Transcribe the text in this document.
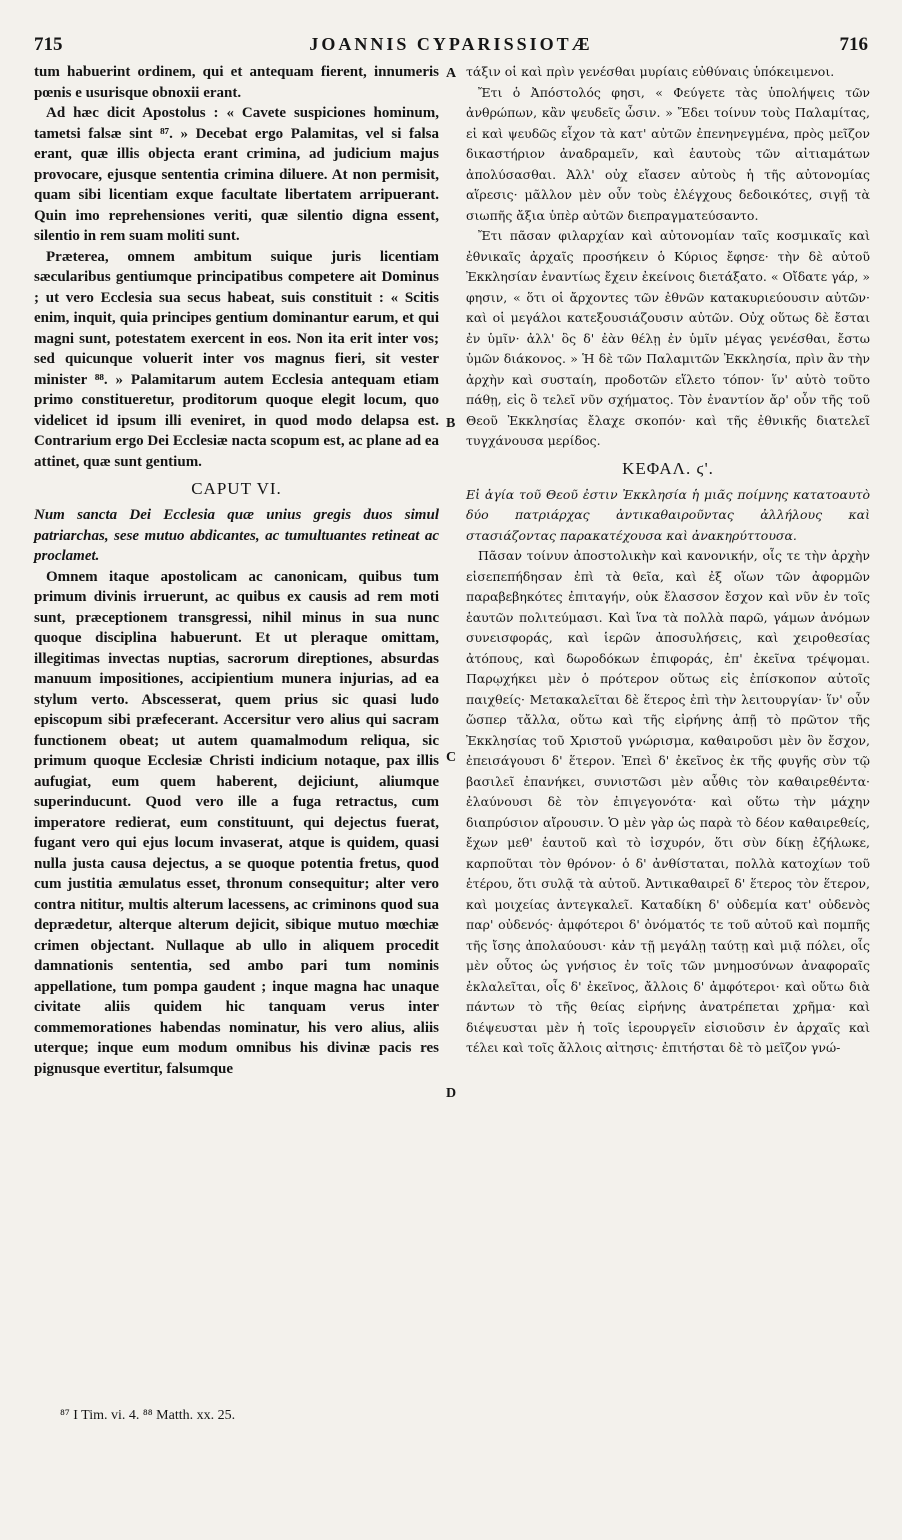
715	JOANNIS CYPARISSIOTÆ	716

tum habuerint ordinem, qui et antequam fierent, innumeris pœnis e usurisque obnoxii erant.

Ad hæc dicit Apostolus : « Cavete suspiciones hominum, tametsi falsæ sint ⁸⁷. » Decebat ergo Palamitas, vel si falsa erant, quæ illis objecta erant crimina, ad judicium majus provocare, ejusque sententia crimina diluere. At non permisit, quam sibi licentiam exque facultate libertatem arripuerant. Quin imo reprehensiones veriti, quæ silentio digna essent, silentio in rem suam moliti sunt.

Præterea, omnem ambitum suique juris licentiam sæcularibus gentiumque principatibus competere ait Dominus ; ut vero Ecclesia sua secus habeat, suis constituit : « Scitis enim, inquit, quia principes gentium dominantur earum, et qui magni sunt, potestatem exercent in eos. Non ita erit inter vos; sed quicunque voluerit inter vos magnus fieri, sit vester minister ⁸⁸. » Palamitarum autem Ecclesia antequam etiam primo constitueretur, proditorum quoque elegit locum, quo videlicet id ipsum illi eveniret, in quod modo delapsa est. Contrarium ergo Dei Ecclesiæ nacta scopum est, ac plane ad ea attinet, quæ sunt gentium.

CAPUT VI.

Num sancta Dei Ecclesia quæ unius gregis duos simul patriarchas, sese mutuo abdicantes, ac tumultuantes retineat ac proclamet.

Omnem itaque apostolicam ac canonicam, quibus tum primum divinis irruerunt, ac quibus ex causis ad rem moti sunt, præceptionem transgressi, nihil minus in sua nunc quoque disciplina habuerunt. Et ut pleraque omittam, illegitimas invectas nuptias, sacrorum direptiones, absurdas manuum impositiones, accipientium munera injurias, ad ea stylum verto. Abscesserat, quem prius sic quasi ludo episcopum sibi præfecerant. Accersitur vero alius qui sacram functionem obeat; ut autem quamalmodum reliqua, sic primum quoque Ecclesiæ Christi indicium notaque, pax illis aufugiat, eum quem haberent, dejiciunt, aliumque superinducunt. Quod vero ille a fuga retractus, cum imperatore redierat, eum constituunt, qui dejectus fuerat, fugant vero qui ejus locum invaserat, atque is quidem, quasi nulla justa causa dejectus, a se quoque potentia fretus, quod cum justitia æmulatus esset, thronum consequitur; alter vero contra nititur, multis alterum lacessens, ac criminons quod sua deprædetur, alterque alterum dejicit, sibique mutuo mœchiæ crimen objectant. Nullaque ab ullo in aliquem procedit damnationis sententia, sed ambo pari tum nominis appellatione, tum pompa gaudent ; inque magna hac unaque civitate aliis quidem hic tanquam verus inter commemorationes habendas nominatur, his vero alius, aliis uterque; inque eum modum omnibus his divinæ pacis res pignusque evertitur, falsumque

τάξιν οἱ καὶ πρὶν γενέσθαι μυρίαις εὐθύναις ὑπόκειμενοι.

Ἔτι ὁ Ἀπόστολός φησι, « Φεύγετε τὰς ὑπολήψεις τῶν ἀνθρώπων, κἂν ψευδεῖς ὦσιν. » Ἔδει τοίνυν τοὺς Παλαμίτας, εἰ καὶ ψευδῶς εἶχον τὰ κατ' αὐτῶν ἐπενηνεγμένα, πρὸς μεῖζον δικαστήριον ἀναδραμεῖν, καὶ ἑαυτοὺς τῶν αἰτιαμάτων ἀπολύσασθαι. Ἀλλ' οὐχ εἴασεν αὐτοὺς ἡ τῆς αὐτονομίας αἵρεσις· μᾶλλον μὲν οὖν τοὺς ἐλέγχους δεδοικότες, σιγῇ τὰ σιωπῆς ἄξια ὑπὲρ αὐτῶν διεπραγματεύσαντο.

Ἔτι πᾶσαν φιλαρχίαν καὶ αὐτονομίαν ταῖς κοσμικαῖς καὶ ἐθνικαῖς ἀρχαῖς προσήκειν ὁ Κύριος ἔφησε· τὴν δὲ αὐτοῦ Ἐκκλησίαν ἐναντίως ἔχειν ἐκείνοις διετάξατο. « Οἴδατε γάρ, » φησιν, « ὅτι οἱ ἄρχοντες τῶν ἐθνῶν κατακυριεύουσιν αὐτῶν· καὶ οἱ μεγάλοι κατεξουσιάζουσιν αὐτῶν. Οὐχ οὕτως δὲ ἔσται ἐν ὑμῖν· ἀλλ' ὃς δ' ἐὰν θέλῃ ἐν ὑμῖν μέγας γενέσθαι, ἔστω ὑμῶν διάκονος. » Ἡ δὲ τῶν Παλαμιτῶν Ἐκκλησία, πρὶν ἂν τὴν ἀρχὴν καὶ συσταίη, προδοτῶν εἵλετο τόπον· ἵν' αὐτὸ τοῦτο πάθῃ, εἰς ὃ τελεῖ νῦν σχήματος. Τὸν ἐναντίον ἄρ' οὖν τῆς τοῦ Θεοῦ Ἐκκλησίας ἔλαχε σκοπόν· καὶ τῆς ἐθνικῆς διατελεῖ τυγχάνουσα μερίδος.

ΚΕΦΑΛ. ϛ'.

Εἰ ἁγία τοῦ Θεοῦ ἐστιν Ἐκκλησία ἡ μιᾶς ποίμνης κατατοαυτὸ δύο πατριάρχας ἀντικαθαιροῦντας ἀλλήλους καὶ στασιάζοντας παρακατέχουσα καὶ ἀνακηρύττουσα.

Πᾶσαν τοίνυν ἀποστολικὴν καὶ κανονικήν, οἷς τε τὴν ἀρχὴν εἰσεπεπήδησαν ἐπὶ τὰ θεῖα, καὶ ἐξ οἵων τῶν ἀφορμῶν παραβεβηκότες ἐπιταγήν, οὐκ ἔλασσον ἔσχον καὶ νῦν ἐν τοῖς ἑαυτῶν πολιτεύμασι. Καὶ ἵνα τὰ πολλὰ παρῶ, γάμων ἀνόμων συνεισφοράς, καὶ ἱερῶν ἀποσυλήσεις, καὶ χειροθεσίας ἀτόπους, καὶ δωροδόκων ἐπιφοράς, ἐπ' ἐκεῖνα τρέψομαι. Παρῳχήκει μὲν ὁ πρότερον οὕτως εἰς ἐπίσκοπον αὐτοῖς παιχθείς· Μετακαλεῖται δὲ ἕτερος ἐπὶ τὴν λειτουργίαν· ἵν' οὖν ὥσπερ τἄλλα, οὕτω καὶ τῆς εἰρήνης ἀπῇ τὸ πρῶτον τῆς Ἐκκλησίας τοῦ Χριστοῦ γνώρισμα, καθαιροῦσι μὲν ὃν ἔσχον, ἐπεισάγουσι δ' ἕτερον. Ἐπεὶ δ' ἐκεῖνος ἐκ τῆς φυγῆς σὺν τῷ βασιλεῖ ἐπανήκει, συνιστῶσι μὲν αὖθις τὸν καθαιρεθέντα· ἐλαύνουσι δὲ τὸν ἐπιγεγονότα· καὶ οὕτω τὴν μάχην διαπρύσιον αἴρουσιν. Ὁ μὲν γὰρ ὡς παρὰ τὸ δέον καθαιρεθείς, ἔχων μεθ' ἑαυτοῦ καὶ τὸ ἰσχυρόν, ὅτι σὺν δίκῃ ἐζήλωκε, καρποῦται τὸν θρόνον· ὁ δ' ἀνθίσταται, πολλὰ κατοχίων τοῦ ἑτέρου, ὅτι συλᾷ τὰ αὐτοῦ. Ἀντικαθαιρεῖ δ' ἕτερος τὸν ἕτερον, καὶ μοιχείας ἀντεγκαλεῖ. Καταδίκη δ' οὐδεμία κατ' οὐδενὸς παρ' οὐδενός· ἀμφότεροι δ' ὀνόματός τε τοῦ αὐτοῦ καὶ πομπῆς τῆς ἴσης ἀπολαύουσι· κἀν τῇ μεγάλῃ ταύτῃ καὶ μιᾷ πόλει, οἷς μὲν οὗτος ὡς γνήσιος ἐν τοῖς τῶν μνημοσύνων ἀναφοραῖς ἐκλαλεῖται, οἷς δ' ἐκεῖνος, ἄλλοις δ' ἀμφότεροι· καὶ οὕτω διὰ πάντων τὸ τῆς θείας εἰρήνης ἀνατρέπεται χρῆμα· καὶ διέψευσται μὲν ἡ τοῖς ἱερουργεῖν εἰσιοῦσιν ἐν ἀρχαῖς καὶ τέλει καὶ τοῖς ἄλλοις αἰτησις· ἐπιτήσται δὲ τὸ μεῖζον γνώ-

A
B
C
D
⁸⁷ I Tim. vi. 4. ⁸⁸ Matth. xx. 25.
